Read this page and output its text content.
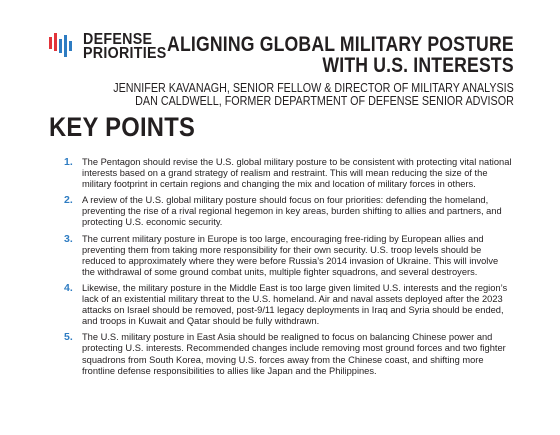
DEFENSE
PRIORITIES ALIGNING GLOBAL MILITARY POSTURE
WITH U.S. INTERESTS
JENNIFER KAVANAGH, SENIOR FELLOW & DIRECTOR OF MILITARY ANALYSIS
DAN CALDWELL, FORMER DEPARTMENT OF DEFENSE SENIOR ADVISOR
KEY POINTS
1. The Pentagon should revise the U.S. global military posture to be consistent with protecting vital national interests based on a grand strategy of realism and restraint. This will mean reducing the size of the military footprint in certain regions and changing the mix and location of military forces in others.
2. A review of the U.S. global military posture should focus on four priorities: defending the homeland, preventing the rise of a rival regional hegemon in key areas, burden shifting to allies and partners, and protecting U.S. economic security.
3. The current military posture in Europe is too large, encouraging free-riding by European allies and preventing them from taking more responsibility for their own security. U.S. troop levels should be reduced to approximately where they were before Russia’s 2014 invasion of Ukraine. This will involve the withdrawal of some ground combat units, multiple fighter squadrons, and several destroyers.
4. Likewise, the military posture in the Middle East is too large given limited U.S. interests and the region’s lack of an existential military threat to the U.S. homeland. Air and naval assets deployed after the 2023 attacks on Israel should be removed, post-9/11 legacy deployments in Iraq and Syria should be ended, and troops in Kuwait and Qatar should be fully withdrawn.
5. The U.S. military posture in East Asia should be realigned to focus on balancing Chinese power and protecting U.S. interests. Recommended changes include removing most ground forces and two fighter squadrons from South Korea, moving U.S. forces away from the Chinese coast, and shifting more frontline defense responsibilities to allies like Japan and the Philippines.
